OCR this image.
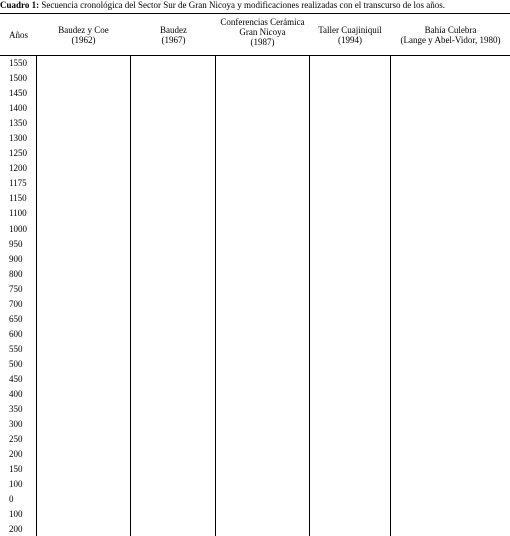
Cuadro 1: Secuencia cronológica del Sector Sur de Gran Nicoya y modificaciones realizadas con el transcurso de los años.
Años	Baudez y Coe
(1962)
Baudez
(1967)
Conferencias Cerámica
Gran Nicoya
(1987)
Taller Cuajiniquil
(1994)
Bahía Culebra
(Lange y Abel-Vidor, 1980)
1550
1500
1450
1400
1350
1300
1250
1200
1175
1150
1100
1000
950
900
800
750
700
650
600
550
500
450
400
350
300
250
200
150
100
0
100
200
